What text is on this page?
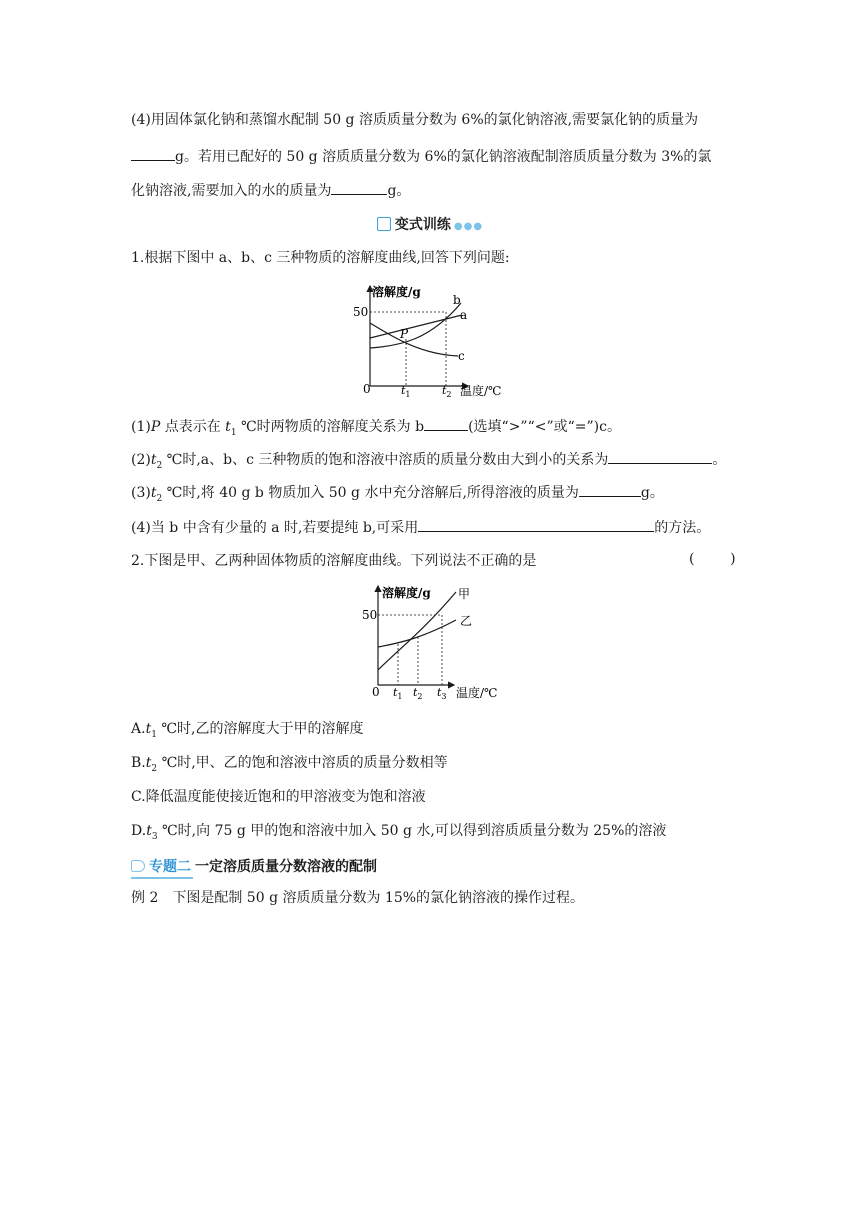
(4)用固体氯化钠和蒸馏水配制 50 g 溶质质量分数为 6%的氯化钠溶液,需要氯化钠的质量为
g。若用已配好的 50 g 溶质质量分数为 6%的氯化钠溶液配制溶质质量分数为 3%的氯
化钠溶液,需要加入的水的质量为	g。
变式训练 ●●●
1.根据下图中 a、b、c 三种物质的溶解度曲线,回答下列问题:
溶解度/g
50
b
a
c
P
0	$t_1$	$t_2$ 温度/℃
(1)P 点表示在 $t_1$ ℃时两物质的溶解度关系为 b	(选填“>”“<”或“=”)c。
$(2)t_2$ ℃时,a、b、c 三种物质的饱和溶液中溶质的质量分数由大到小的关系为	。
$(3)t_2$ ℃时,将 40 g b 物质加入 50 g 水中充分溶解后,所得溶液的质量为	g。
(4)当 b 中含有少量的 a 时,若要提纯 b,可采用	的方法。
2.下图是甲、乙两种固体物质的溶解度曲线。下列说法不正确的是	(        )
溶解度/g
50
甲
乙
0 $t_1$ $t_2$ $t_3$ 温度/℃
$A.t_1$ ℃时,乙的溶解度大于甲的溶解度
$B.t_2$ ℃时,甲、乙的饱和溶液中溶质的质量分数相等
C.降低温度能使接近饱和的甲溶液变为饱和溶液
$D.t_3$ ℃时,向 75 g 甲的饱和溶液中加入 50 g 水,可以得到溶质质量分数为 25%的溶液
专题二 一定溶质质量分数溶液的配制
例 2 下图是配制 50 g 溶质质量分数为 15%的氯化钠溶液的操作过程。
